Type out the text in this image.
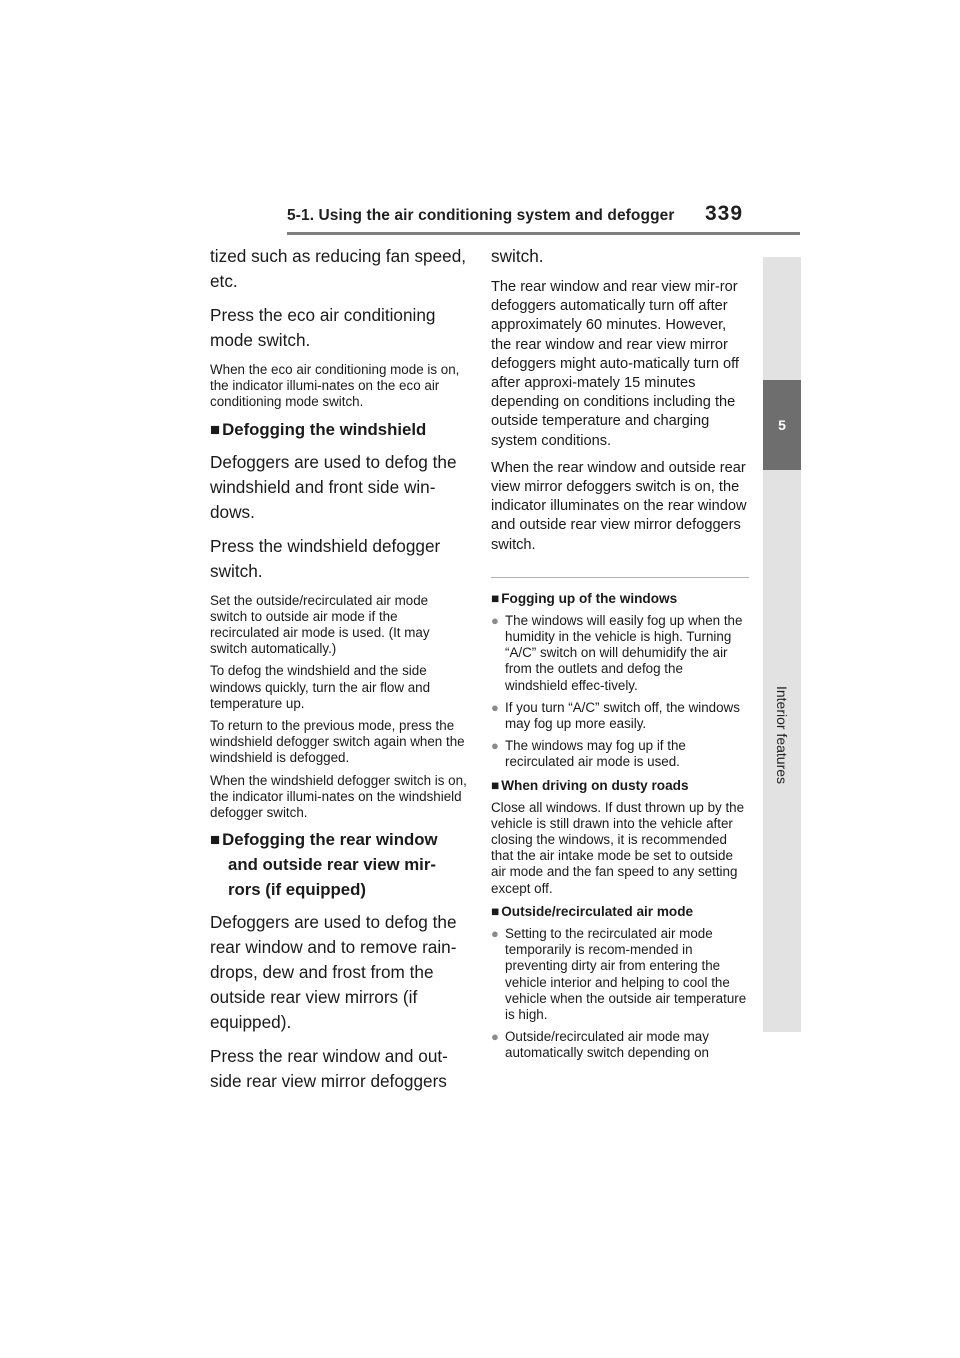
5-1. Using the air conditioning system and defogger 339
5
Interior features

tized such as reducing fan speed, etc.

Press the eco air conditioning mode switch.

When the eco air conditioning mode is on, the indicator illumi-nates on the eco air conditioning mode switch.

■ Defogging the windshield

Defoggers are used to defog the windshield and front side win-dows.

Press the windshield defogger switch.

Set the outside/recirculated air mode switch to outside air mode if the recirculated air mode is used. (It may switch automatically.)

To defog the windshield and the side windows quickly, turn the air flow and temperature up.

To return to the previous mode, press the windshield defogger switch again when the windshield is defogged.

When the windshield defogger switch is on, the indicator illumi-nates on the windshield defogger switch.

■ Defogging the rear window and outside rear view mir-rors (if equipped)

Defoggers are used to defog the rear window and to remove rain-drops, dew and frost from the outside rear view mirrors (if equipped).

Press the rear window and out-side rear view mirror defoggers

switch.

The rear window and rear view mir-ror defoggers automatically turn off after approximately 60 minutes. However, the rear window and rear view mirror defoggers might auto-matically turn off after approxi-mately 15 minutes depending on conditions including the outside temperature and charging system conditions.

When the rear window and outside rear view mirror defoggers switch is on, the indicator illuminates on the rear window and outside rear view mirror defoggers switch.

■ Fogging up of the windows
● The windows will easily fog up when the humidity in the vehicle is high. Turning “A/C” switch on will dehumidify the air from the outlets and defog the windshield effec-tively.
● If you turn “A/C” switch off, the windows may fog up more easily.
● The windows may fog up if the recirculated air mode is used.
■ When driving on dusty roads

Close all windows. If dust thrown up by the vehicle is still drawn into the vehicle after closing the windows, it is recommended that the air intake mode be set to outside air mode and the fan speed to any setting except off.

■ Outside/recirculated air mode
● Setting to the recirculated air mode temporarily is recom-mended in preventing dirty air from entering the vehicle interior and helping to cool the vehicle when the outside air temperature is high.
● Outside/recirculated air mode may automatically switch depending on
